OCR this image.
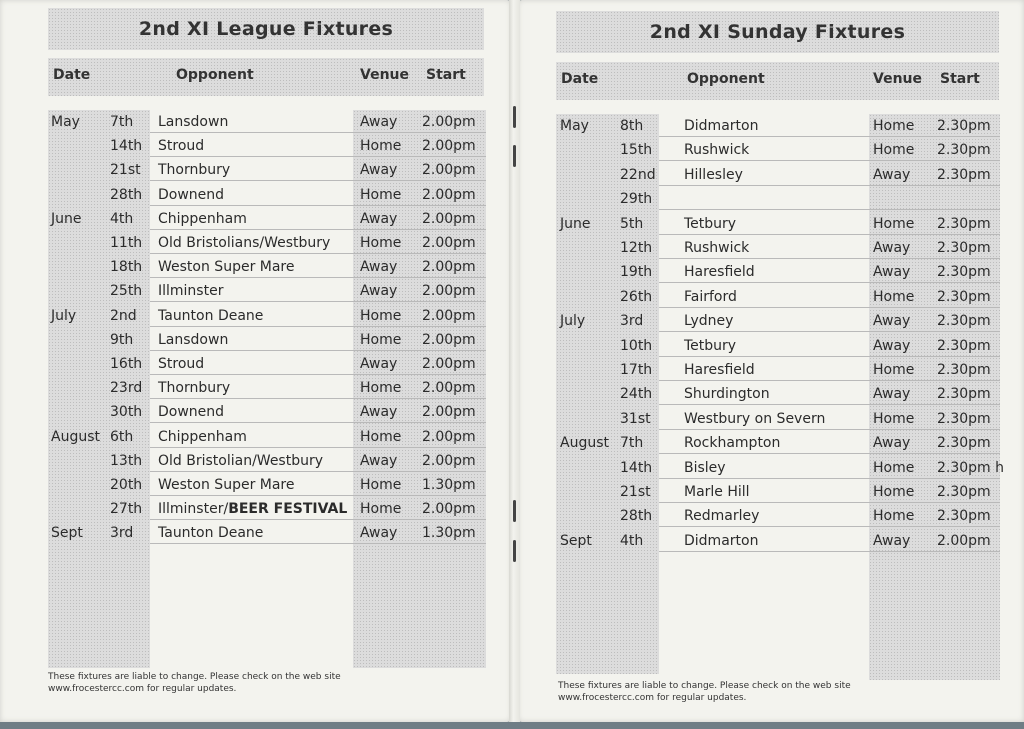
2nd XI League Fixtures
Date	Opponent	Venue Start
May 7th Lansdown	Away 2.00pm
14th Stroud	Home 2.00pm
21st Thornbury	Away 2.00pm
28th Downend	Home 2.00pm
June 4th Chippenham	Away 2.00pm
11th Old Bristolians/Westbury Home 2.00pm
18th Weston Super Mare	Away 2.00pm
25th Illminster	Away 2.00pm
July 2nd Taunton Deane	Home 2.00pm
9th Lansdown	Home 2.00pm
16th Stroud	Away 2.00pm
23rd Thornbury	Home 2.00pm
30th Downend	Away 2.00pm
August 6th Chippenham	Home 2.00pm
13th Old Bristolian/Westbury	Away 2.00pm
20th Weston Super Mare	Home 1.30pm
27th Illminster/BEER FESTIVAL Home 2.00pm
Sept 3rd Taunton Deane	Away 1.30pm
These fixtures are liable to change. Please check on the web site
www.frocestercc.com for regular updates.
2nd XI Sunday Fixtures
Date	Opponent	Venue Start
May 8th	Didmarton	Home 2.30pm
15th Rushwick	Home 2.30pm
22nd Hillesley	Away 2.30pm
29th
June 5th	Tetbury	Home 2.30pm
12th Rushwick	Away 2.30pm
19th Haresfield	Away 2.30pm
26th Fairford	Home 2.30pm
July 3rd	Lydney	Away 2.30pm
10th Tetbury	Away 2.30pm
17th Haresfield	Home 2.30pm
24th Shurdington	Away 2.30pm
31st Westbury on Severn	Home 2.30pm
August 7th	Rockhampton	Away 2.30pm
14th Bisley	Home 2.30pm h
21st Marle Hill	Home 2.30pm
28th Redmarley	Home 2.30pm
Sept 4th	Didmarton	Away 2.00pm
These fixtures are liable to change. Please check on the web site
www.frocestercc.com for regular updates.
